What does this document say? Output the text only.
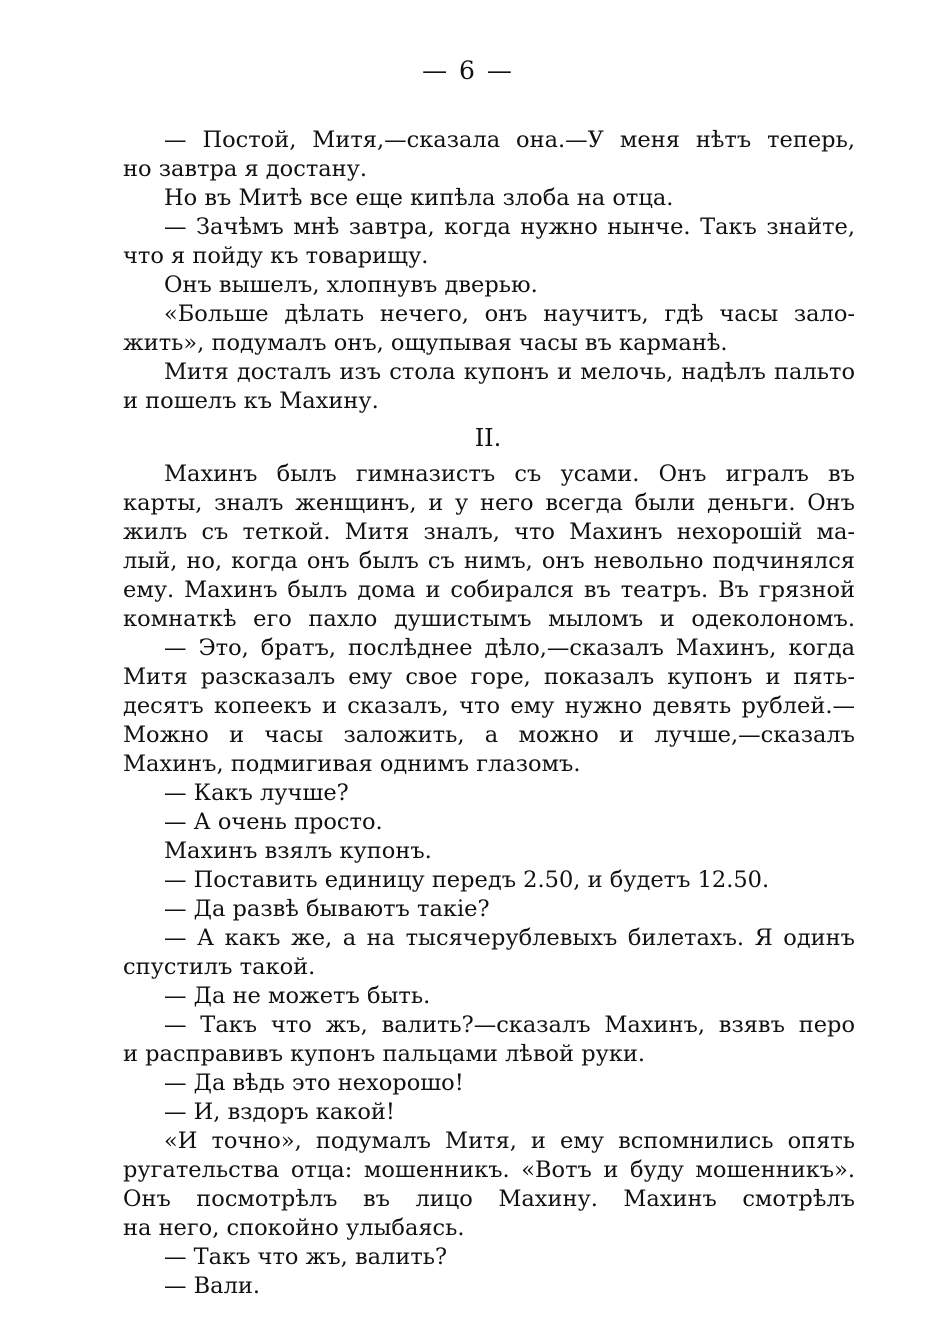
— 6 —
— Постой, Митя,—сказала она.—У меня нѣтъ теперь,
но завтра я достану.
Но въ Митѣ все еще кипѣла злоба на отца.
— Зачѣмъ мнѣ завтра, когда нужно нынче. Такъ знайте,
что я пойду къ товарищу.
Онъ вышелъ, хлопнувъ дверью.
«Больше дѣлать нечего, онъ научитъ, гдѣ часы зало-
жить», подумалъ онъ, ощупывая часы въ карманѣ.
Митя досталъ изъ стола купонъ и мелочь, надѣлъ пальто
и пошелъ къ Махину.
II.
Махинъ былъ гимназистъ съ усами. Онъ игралъ въ
карты, зналъ женщинъ, и у него всегда были деньги. Онъ
жилъ съ теткой. Митя зналъ, что Махинъ нехорошій ма-
лый, но, когда онъ былъ съ нимъ, онъ невольно подчинялся
ему. Махинъ былъ дома и собирался въ театръ. Въ грязной
комнаткѣ его пахло душистымъ мыломъ и одеколономъ.
— Это, братъ, послѣднее дѣло,—сказалъ Махинъ, когда
Митя разсказалъ ему свое горе, показалъ купонъ и пять-
десятъ копеекъ и сказалъ, что ему нужно девять рублей.—
Можно и часы заложить, а можно и лучше,—сказалъ
Махинъ, подмигивая однимъ глазомъ.
— Какъ лучше?
— А очень просто.
Махинъ взялъ купонъ.
— Поставить единицу передъ 2.50, и будетъ 12.50.
— Да развѣ бываютъ такіе?
— А какъ же, а на тысячерублевыхъ билетахъ. Я одинъ
спустилъ такой.
— Да не можетъ быть.
— Такъ что жъ, валить?—сказалъ Махинъ, взявъ перо
и расправивъ купонъ пальцами лѣвой руки.
— Да вѣдь это нехорошо!
— И, вздоръ какой!
«И точно», подумалъ Митя, и ему вспомнились опять
ругательства отца: мошенникъ. «Вотъ и буду мошенникъ».
Онъ посмотрѣлъ въ лицо Махину. Махинъ смотрѣлъ
на него, спокойно улыбаясь.
— Такъ что жъ, валить?
— Вали.
